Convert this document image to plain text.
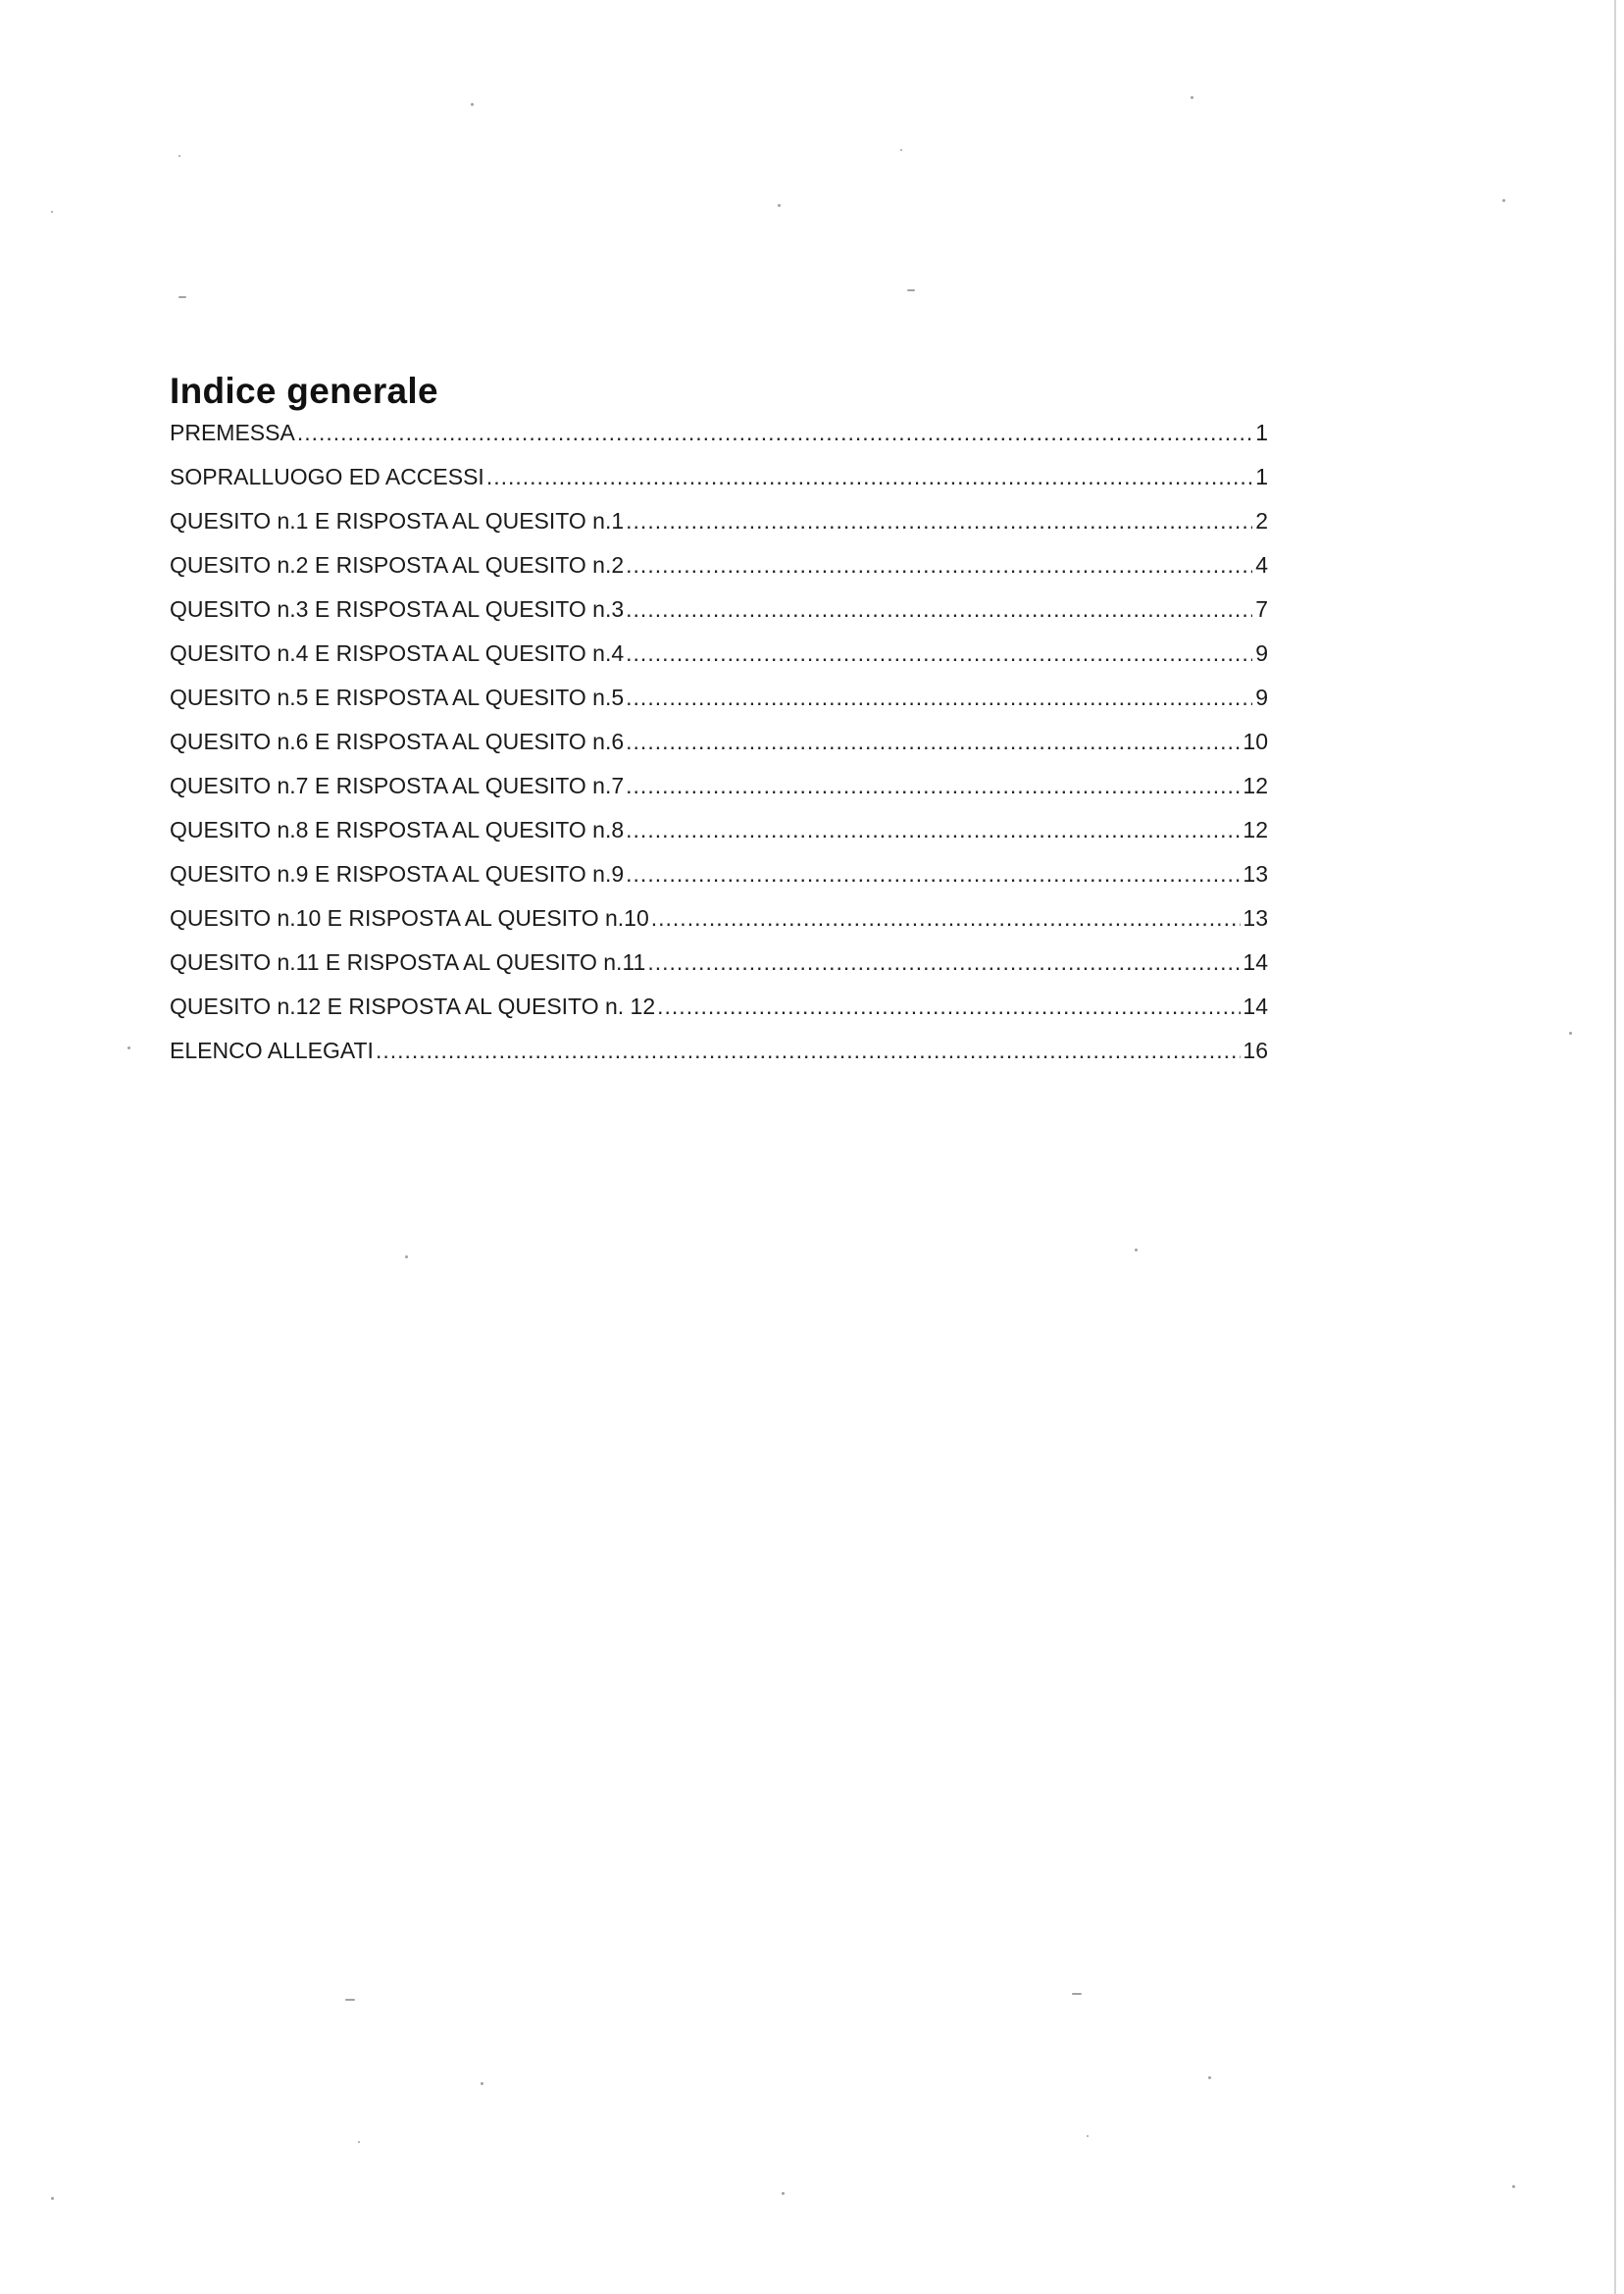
Indice generale
PREMESSA .....	1
SOPRALLUOGO ED ACCESSI .....	1
QUESITO n.1 E RISPOSTA AL QUESITO n.1 .....	2
QUESITO n.2 E RISPOSTA AL QUESITO n.2 .....	4
QUESITO n.3 E RISPOSTA AL QUESITO n.3 .....	7
QUESITO n.4 E RISPOSTA AL QUESITO n.4 .....	9
QUESITO n.5 E RISPOSTA AL QUESITO n.5 .....	9
QUESITO n.6 E RISPOSTA AL QUESITO n.6 .....	10
QUESITO n.7 E RISPOSTA AL QUESITO n.7 .....	12
QUESITO n.8 E RISPOSTA AL QUESITO n.8 .....	12
QUESITO n.9 E RISPOSTA AL QUESITO n.9 .....	13
QUESITO n.10 E RISPOSTA AL QUESITO n.10 .....	13
QUESITO n.11 E RISPOSTA AL QUESITO n.11 .....	14
QUESITO n.12 E RISPOSTA AL QUESITO n. 12 .....	14
ELENCO ALLEGATI .....	16
